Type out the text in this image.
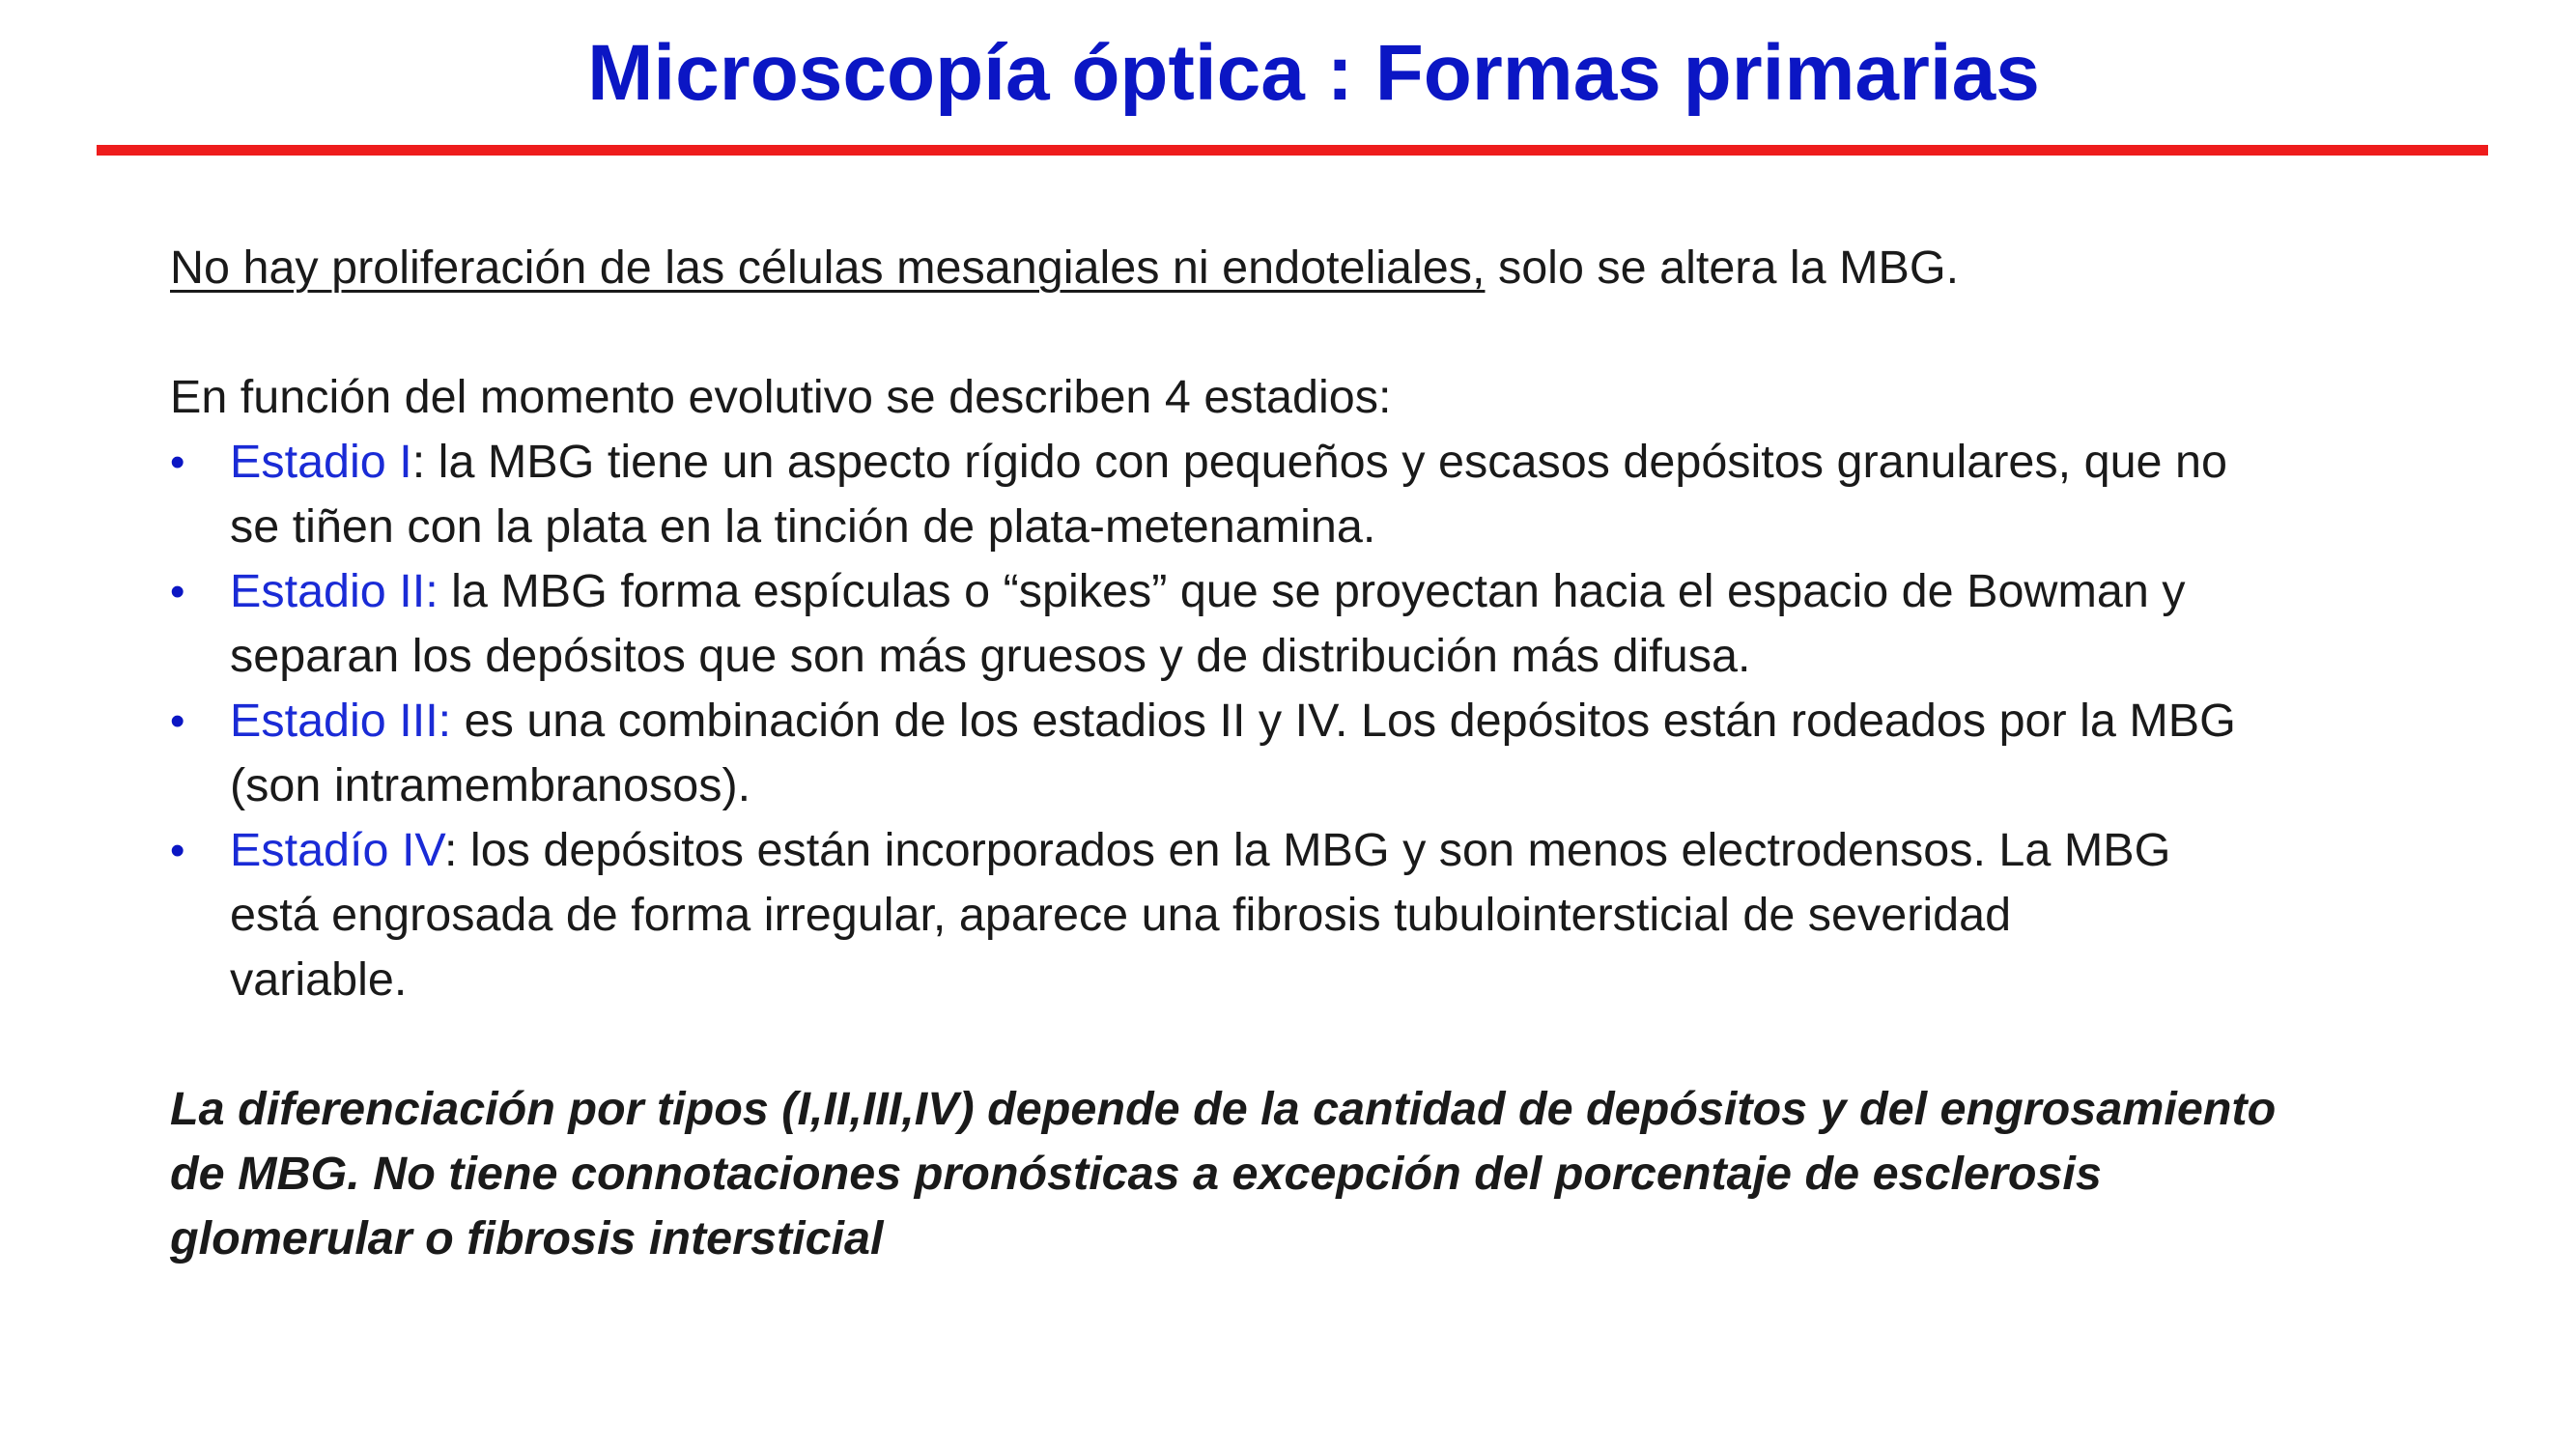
Microscopía óptica : Formas primarias

No hay proliferación de las células mesangiales ni endoteliales, solo se altera la MBG.

En función del momento evolutivo se describen 4 estadios:

• Estadio I: la MBG tiene un aspecto rígido con pequeños y escasos depósitos granulares, que no
se tiñen con la plata en la tinción de plata-metenamina.
• Estadio II: la MBG forma espículas o “spikes” que se proyectan hacia el espacio de Bowman y
separan los depósitos que son más gruesos y de distribución más difusa.
• Estadio III: es una combinación de los estadios II y IV. Los depósitos están rodeados por la MBG
(son intramembranosos).
• Estadío IV: los depósitos están incorporados en la MBG y son menos electrodensos. La MBG
está engrosada de forma irregular, aparece una fibrosis tubulointersticial de severidad
variable.

La diferenciación por tipos (I,II,III,IV) depende de la cantidad de depósitos y del engrosamiento
de MBG. No tiene connotaciones pronósticas a excepción del porcentaje de esclerosis
glomerular o fibrosis intersticial
